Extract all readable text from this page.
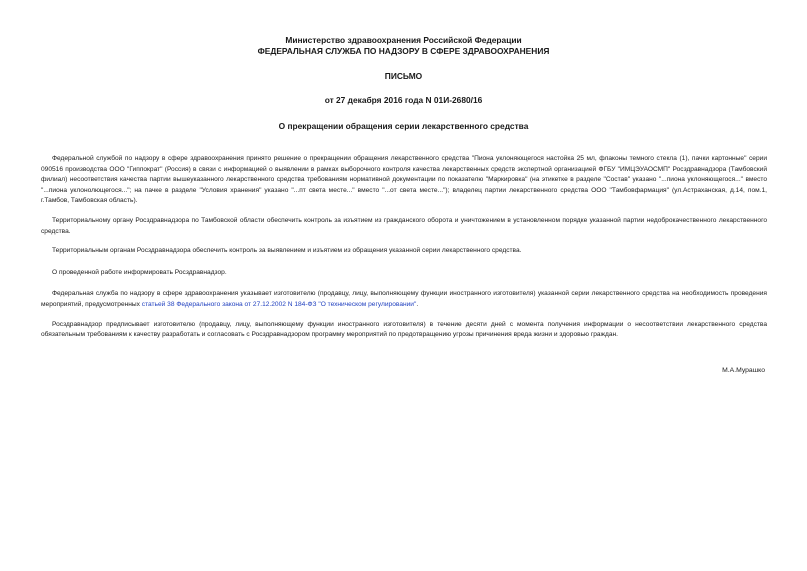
Министерство здравоохранения Российской Федерации
ФЕДЕРАЛЬНАЯ СЛУЖБА ПО НАДЗОРУ В СФЕРЕ ЗДРАВООХРАНЕНИЯ
ПИСЬМО
от 27 декабря 2016 года N 01И-2680/16
О прекращении обращения серии лекарственного средства

Федеральной службой по надзору в сфере здравоохранения принято решение о прекращении обращения лекарственного средства "Пиона уклоняющегося настойка 25 мл, флаконы темного стекла (1), пачки картонные" серии 090516 производства ООО "Гиппократ" (Россия) в связи с информацией о выявлении в рамках выборочного контроля качества лекарственных средств экспертной организацией ФГБУ "ИМЦЭУАОСМП" Росздравнадзора (Тамбовский филиал) несоответствия качества партии вышеуказанного лекарственного средства требованиям нормативной документации по показателю "Маркировка" (на этикетке в разделе "Состав" указано "...пиона уклоняющегося..." вместо "...пиона уклонолющегося..."; на пачке в разделе "Условия хранения" указано "...пт света месте..." вместо "...от света месте..."); владелец партии лекарственного средства ООО "Тамбовфармация" (ул.Астраханская, д.14, пом.1, г.Тамбов, Тамбовская область).

Территориальному органу Росздравнадзора по Тамбовской области обеспечить контроль за изъятием из гражданского оборота и уничтожением в установленном порядке указанной партии недоброкачественного лекарственного средства.

Территориальным органам Росздравнадзора обеспечить контроль за выявлением и изъятием из обращения указанной серии лекарственного средства.

О проведенной работе информировать Росздравнадзор.

Федеральная служба по надзору в сфере здравоохранения указывает изготовителю (продавцу, лицу, выполняющему функции иностранного изготовителя) указанной серии лекарственного средства на необходимость проведения мероприятий, предусмотренных статьей 38 Федерального закона от 27.12.2002 N 184-ФЗ "О техническом регулировании".

Росздравнадзор предписывает изготовителю (продавцу, лицу, выполняющему функции иностранного изготовителя) в течение десяти дней с момента получения информации о несоответствии лекарственного средства обязательным требованиям к качеству разработать и согласовать с Росздравнадзором программу мероприятий по предотвращению угрозы причинения вреда жизни и здоровью граждан.

М.А.Мурашко
